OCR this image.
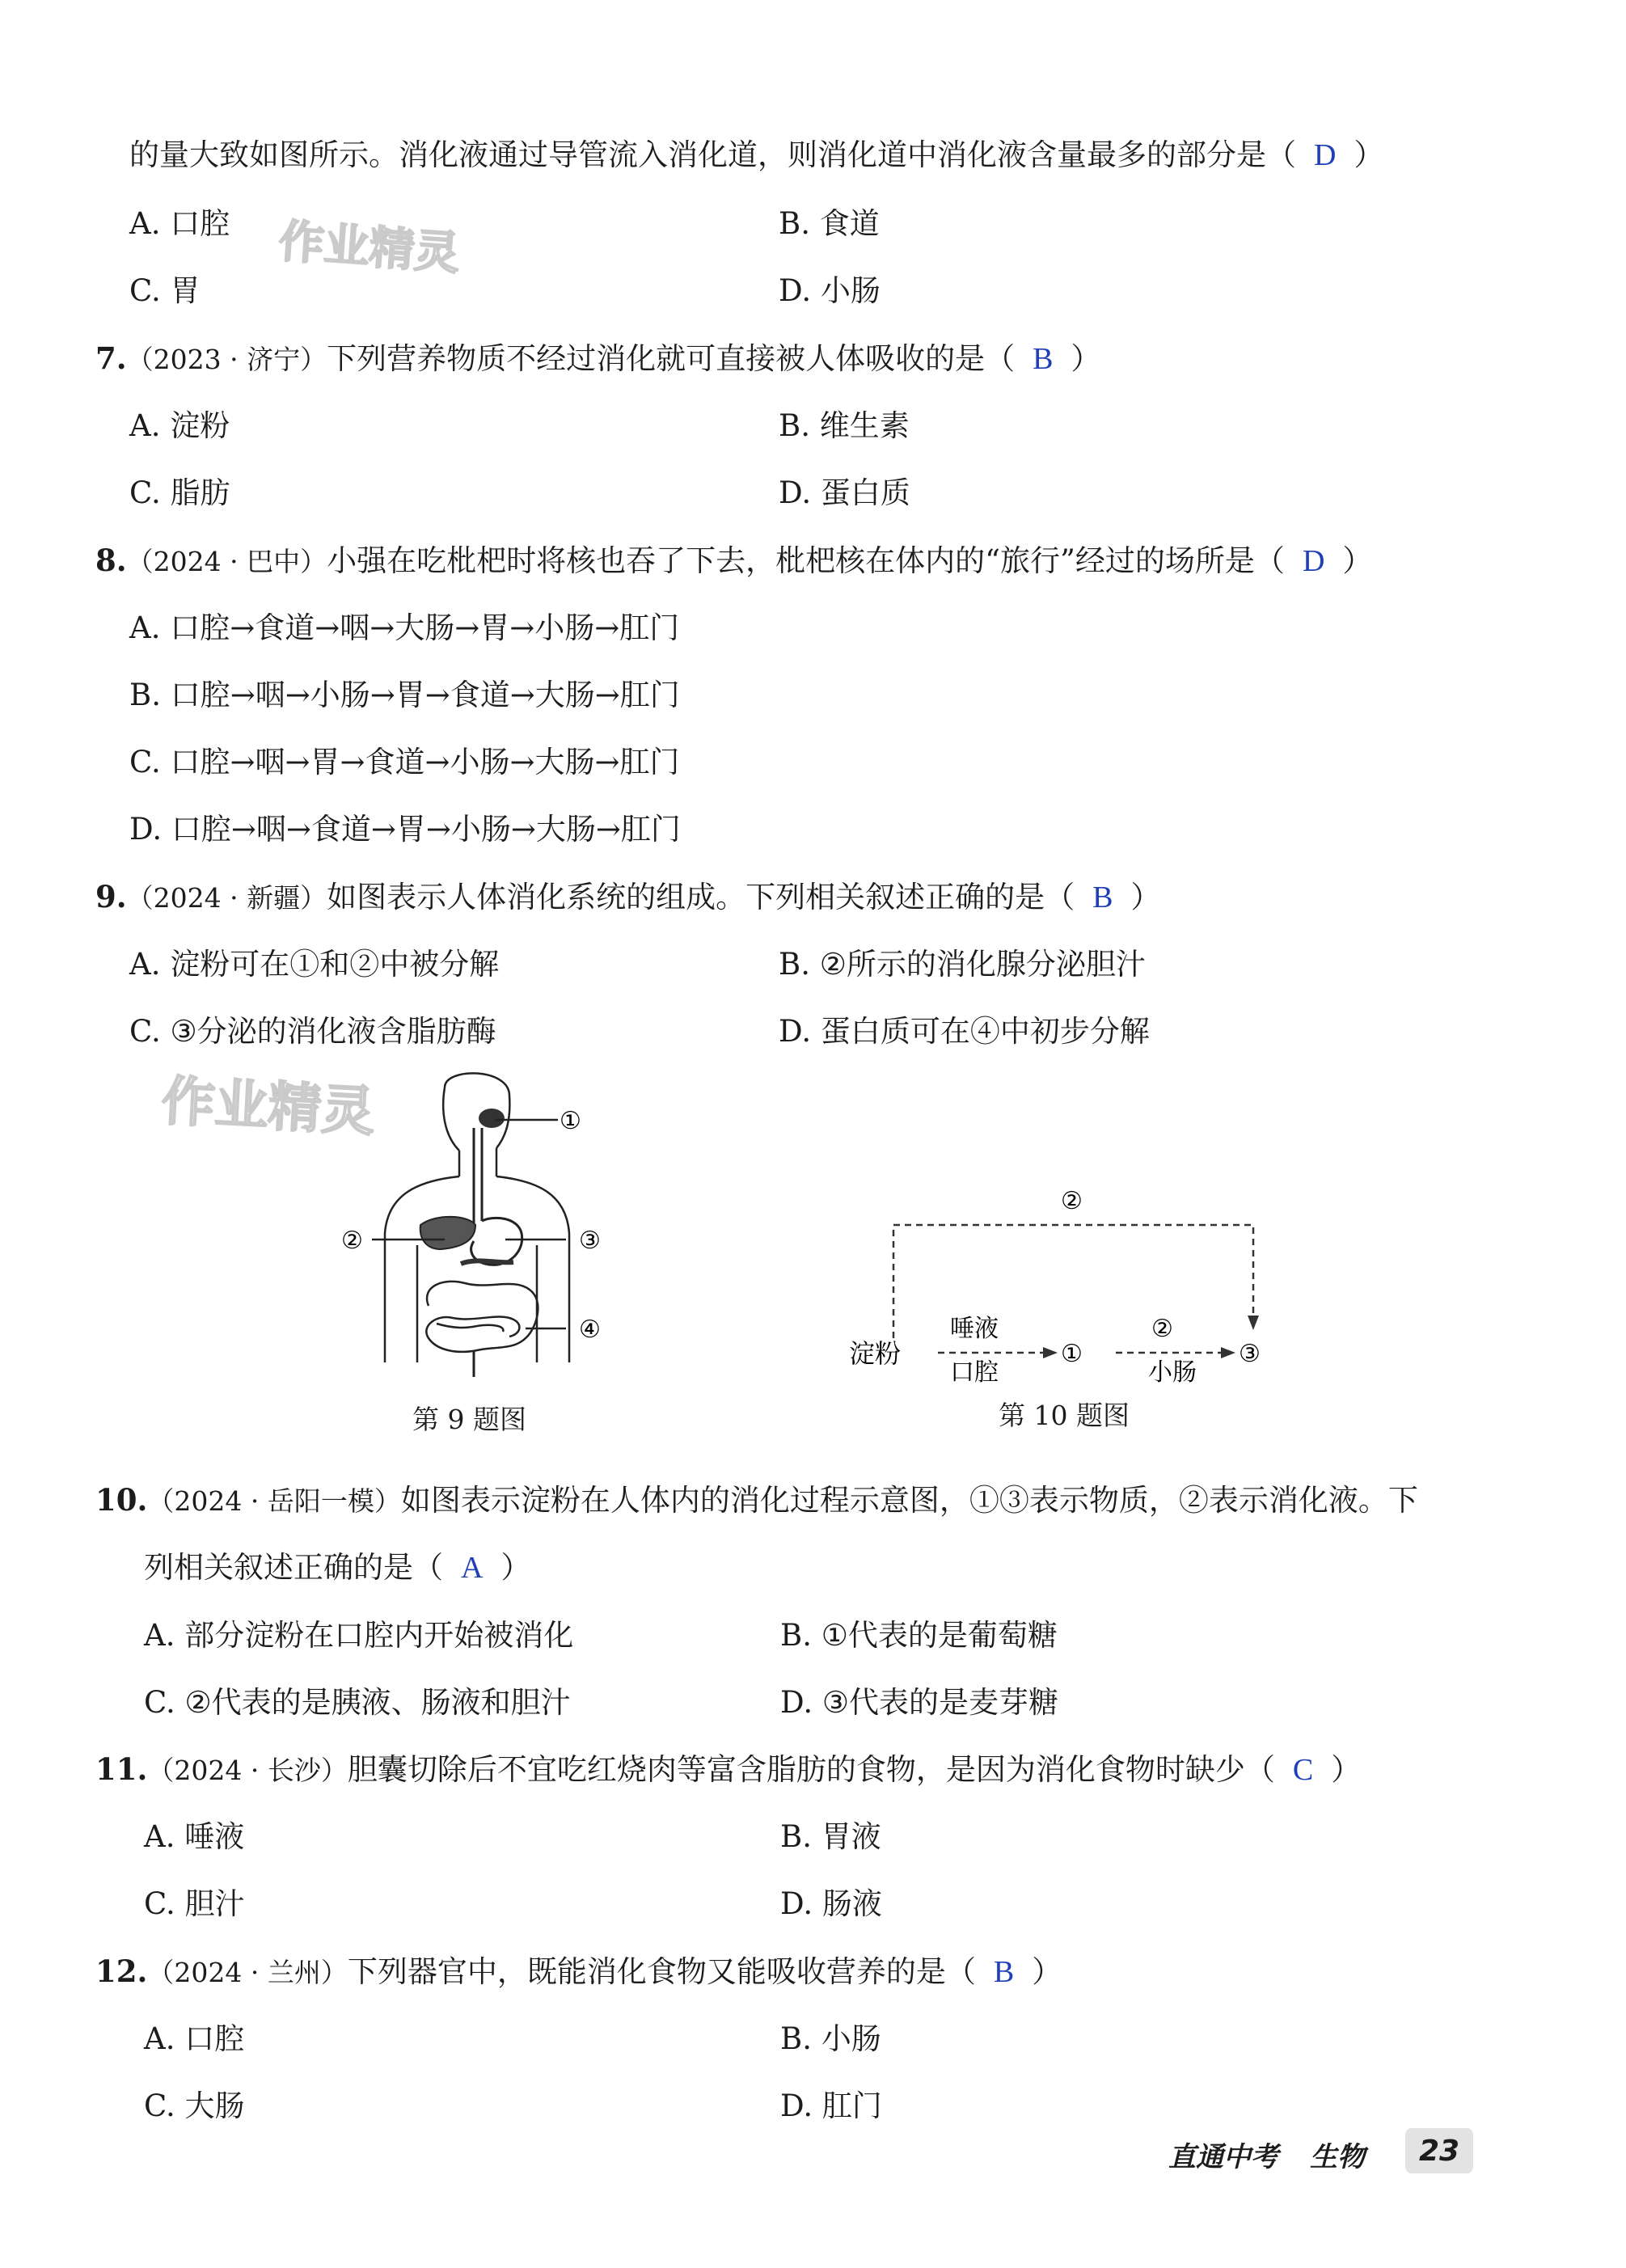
作业精灵
作业精灵
的量大致如图所示。消化液通过导管流入消化道，则消化道中消化液含量最多的部分是（ D ）
A. 口腔	B. 食道
C. 胃	D. 小肠
7.（2023 · 济宁）下列营养物质不经过消化就可直接被人体吸收的是（ B ）
A. 淀粉	B. 维生素
C. 脂肪	D. 蛋白质
8.（2024 · 巴中）小强在吃枇杷时将核也吞了下去，枇杷核在体内的“旅行”经过的场所是（ D ）
A. 口腔→食道→咽→大肠→胃→小肠→肛门
B. 口腔→咽→小肠→胃→食道→大肠→肛门
C. 口腔→咽→胃→食道→小肠→大肠→肛门
D. 口腔→咽→食道→胃→小肠→大肠→肛门
9.（2024 · 新疆）如图表示人体消化系统的组成。下列相关叙述正确的是（ B ）
A. 淀粉可在①和②中被分解	B. ②所示的消化腺分泌胆汁
C. ③分泌的消化液含脂肪酶	D. 蛋白质可在④中初步分解
①
②	③
④
第 9 题图
②
淀粉
唾液
口腔
①
②
小肠
③
第 10 题图
10.（2024 · 岳阳一模）如图表示淀粉在人体内的消化过程示意图，①③表示物质，②表示消化液。下
列相关叙述正确的是（ A ）
A. 部分淀粉在口腔内开始被消化	B. ①代表的是葡萄糖
C. ②代表的是胰液、肠液和胆汁	D. ③代表的是麦芽糖
11.（2024 · 长沙）胆囊切除后不宜吃红烧肉等富含脂肪的食物，是因为消化食物时缺少（ C ）
A. 唾液	B. 胃液
C. 胆汁	D. 肠液
12.（2024 · 兰州）下列器官中，既能消化食物又能吸收营养的是（ B ）
A. 口腔	B. 小肠
C. 大肠	D. 肛门
直通中考 生物	23
